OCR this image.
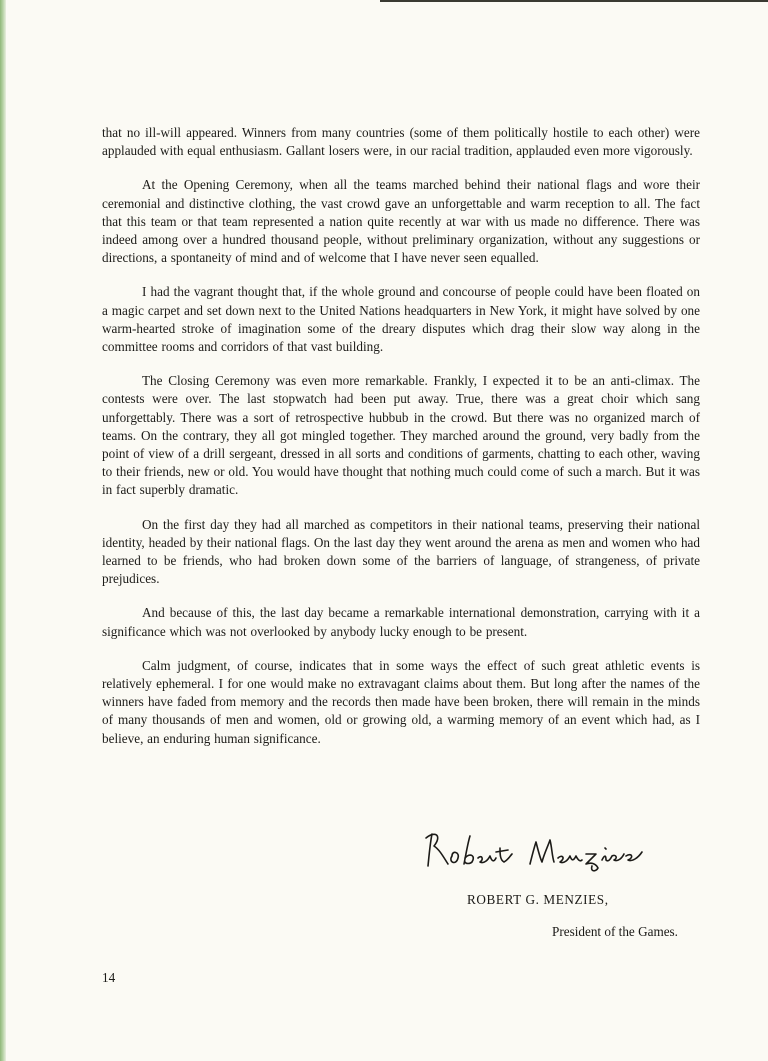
that no ill-will appeared. Winners from many countries (some of them politically hostile to each other) were applauded with equal enthusiasm. Gallant losers were, in our racial tradition, applauded even more vigorously.

At the Opening Ceremony, when all the teams marched behind their national flags and wore their ceremonial and distinctive clothing, the vast crowd gave an unforgettable and warm reception to all. The fact that this team or that team represented a nation quite recently at war with us made no difference. There was indeed among over a hundred thousand people, without preliminary organization, without any suggestions or directions, a spontaneity of mind and of welcome that I have never seen equalled.

I had the vagrant thought that, if the whole ground and concourse of people could have been floated on a magic carpet and set down next to the United Nations headquarters in New York, it might have solved by one warm-hearted stroke of imagination some of the dreary disputes which drag their slow way along in the committee rooms and corridors of that vast building.

The Closing Ceremony was even more remarkable. Frankly, I expected it to be an anti-climax. The contests were over. The last stopwatch had been put away. True, there was a great choir which sang unforgettably. There was a sort of retrospective hubbub in the crowd. But there was no organized march of teams. On the contrary, they all got mingled together. They marched around the ground, very badly from the point of view of a drill sergeant, dressed in all sorts and conditions of garments, chatting to each other, waving to their friends, new or old. You would have thought that nothing much could come of such a march. But it was in fact superbly dramatic.

On the first day they had all marched as competitors in their national teams, preserving their national identity, headed by their national flags. On the last day they went around the arena as men and women who had learned to be friends, who had broken down some of the barriers of language, of strangeness, of private prejudices.

And because of this, the last day became a remarkable international demonstration, carrying with it a significance which was not overlooked by anybody lucky enough to be present.

Calm judgment, of course, indicates that in some ways the effect of such great athletic events is relatively ephemeral. I for one would make no extravagant claims about them. But long after the names of the winners have faded from memory and the records then made have been broken, there will remain in the minds of many thousands of men and women, old or growing old, a warming memory of an event which had, as I believe, an enduring human significance.

ROBERT G. MENZIES,
President of the Games.
14
